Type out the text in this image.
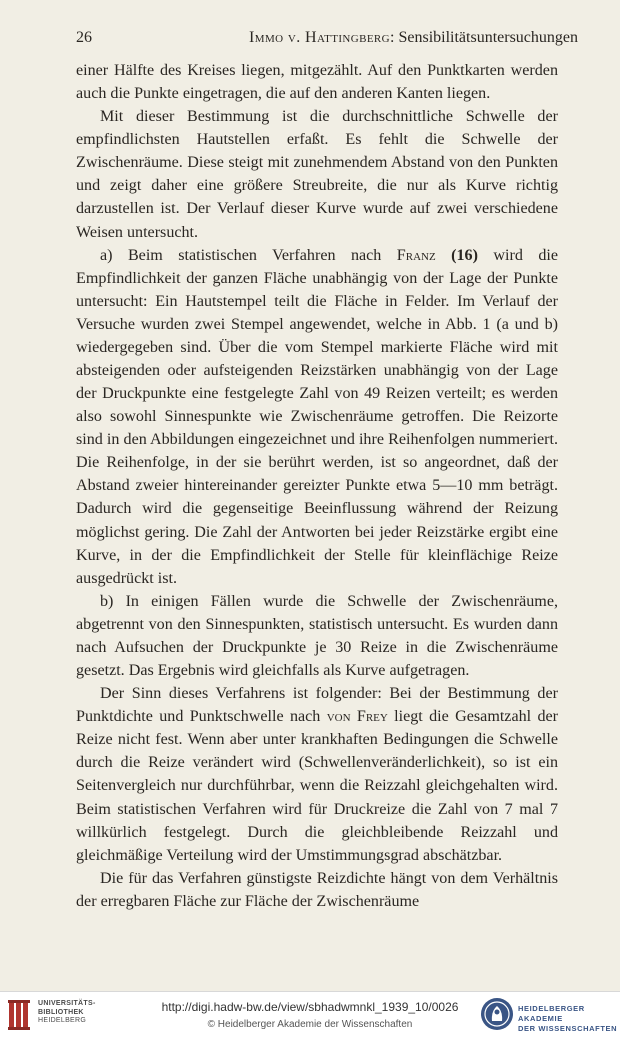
26	Immo v. Hattingberg: Sensibilitätsuntersuchungen

einer Hälfte des Kreises liegen, mitgezählt. Auf den Punktkarten werden auch die Punkte eingetragen, die auf den anderen Kanten liegen.

Mit dieser Bestimmung ist die durchschnittliche Schwelle der empfindlichsten Hautstellen erfaßt. Es fehlt die Schwelle der Zwischenräume. Diese steigt mit zunehmendem Abstand von den Punkten und zeigt daher eine größere Streubreite, die nur als Kurve richtig darzustellen ist. Der Verlauf dieser Kurve wurde auf zwei verschiedene Weisen untersucht.

a) Beim statistischen Verfahren nach Franz (16) wird die Empfindlichkeit der ganzen Fläche unabhängig von der Lage der Punkte untersucht: Ein Hautstempel teilt die Fläche in Felder. Im Verlauf der Versuche wurden zwei Stempel angewendet, welche in Abb. 1 (a und b) wiedergegeben sind. Über die vom Stempel markierte Fläche wird mit absteigenden oder aufsteigenden Reizstärken unabhängig von der Lage der Druckpunkte eine festgelegte Zahl von 49 Reizen verteilt; es werden also sowohl Sinnespunkte wie Zwischenräume getroffen. Die Reizorte sind in den Abbildungen eingezeichnet und ihre Reihenfolgen nummeriert. Die Reihenfolge, in der sie berührt werden, ist so angeordnet, daß der Abstand zweier hintereinander gereizter Punkte etwa 5—10 mm beträgt. Dadurch wird die gegenseitige Beeinflussung während der Reizung möglichst gering. Die Zahl der Antworten bei jeder Reizstärke ergibt eine Kurve, in der die Empfindlichkeit der Stelle für kleinflächige Reize ausgedrückt ist.

b) In einigen Fällen wurde die Schwelle der Zwischenräume, abgetrennt von den Sinnespunkten, statistisch untersucht. Es wurden dann nach Aufsuchen der Druckpunkte je 30 Reize in die Zwischenräume gesetzt. Das Ergebnis wird gleichfalls als Kurve aufgetragen.

Der Sinn dieses Verfahrens ist folgender: Bei der Bestimmung der Punktdichte und Punktschwelle nach von Frey liegt die Gesamtzahl der Reize nicht fest. Wenn aber unter krankhaften Bedingungen die Schwelle durch die Reize verändert wird (Schwellenveränderlichkeit), so ist ein Seitenvergleich nur durchführbar, wenn die Reizzahl gleichgehalten wird. Beim statistischen Verfahren wird für Druckreize die Zahl von 7 mal 7 willkürlich festgelegt. Durch die gleichbleibende Reizzahl und gleichmäßige Verteilung wird der Umstimmungsgrad abschätzbar.

Die für das Verfahren günstigste Reizdichte hängt von dem Verhältnis der erregbaren Fläche zur Fläche der Zwischenräume

UNIVERSITÄTS-
BIBLIOTHEK
HEIDELBERG
http://digi.hadw-bw.de/view/sbhadwmnkl_1939_10/0026
© Heidelberger Akademie der Wissenschaften
HEIDELBERGER AKADEMIE
DER WISSENSCHAFTEN
